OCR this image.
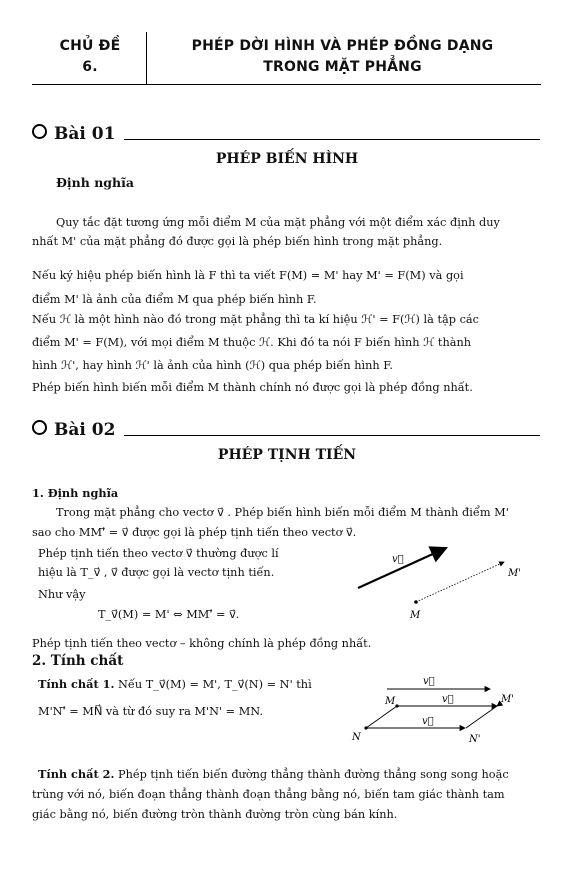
CHỦ ĐỀ
6.
PHÉP DỜI HÌNH VÀ PHÉP ĐỒNG DẠNG
TRONG MẶT PHẲNG
Bài 01
PHÉP BIẾN HÌNH
Định nghĩa
Quy tắc đặt tương ứng mỗi điểm M của mặt phẳng với một điểm xác định duy
nhất M' của mặt phẳng đó được gọi là phép biến hình trong mặt phẳng.
Nếu ký hiệu phép biến hình là F thì ta viết F(M) = M' hay M' = F(M) và gọi
điểm M' là ảnh của điểm M qua phép biến hình F.
Nếu ℋ là một hình nào đó trong mặt phẳng thì ta kí hiệu ℋ' = F(ℋ) là tập các
điểm M' = F(M), với mọi điểm M thuộc ℋ. Khi đó ta nói F biến hình ℋ thành
hình ℋ', hay hình ℋ' là ảnh của hình (ℋ) qua phép biến hình F.
Phép biến hình biến mỗi điểm M thành chính nó được gọi là phép đồng nhất.
Bài 02
PHÉP TỊNH TIẾN
1. Định nghĩa
Trong mặt phẳng cho vectơ v⃗ . Phép biến hình biến mỗi điểm M thành điểm M'
sao cho MM'⃗ = v⃗ được gọi là phép tịnh tiến theo vectơ v⃗.
Phép tịnh tiến theo vectơ v⃗ thường được lí
hiệu là T_v⃗ , v⃗ được gọi là vectơ tịnh tiến.
Như vậy
T_v⃗(M) = M' ⇔ MM'⃗ = v⃗.
Phép tịnh tiến theo vectơ – không chính là phép đồng nhất.
2. Tính chất
Tính chất 1. Nếu T_v⃗(M) = M', T_v⃗(N) = N' thì
M'N'⃗ = MN⃗ và từ đó suy ra M'N' = MN.
Tính chất 2. Phép tịnh tiến biến đường thẳng thành đường thẳng song song hoặc
trùng với nó, biến đoạn thẳng thành đoạn thẳng bằng nó, biến tam giác thành tam
giác bằng nó, biến đường tròn thành đường tròn cùng bán kính.
v⃗
M'
M
v⃗
v⃗
v⃗
M	M'
N	N'
